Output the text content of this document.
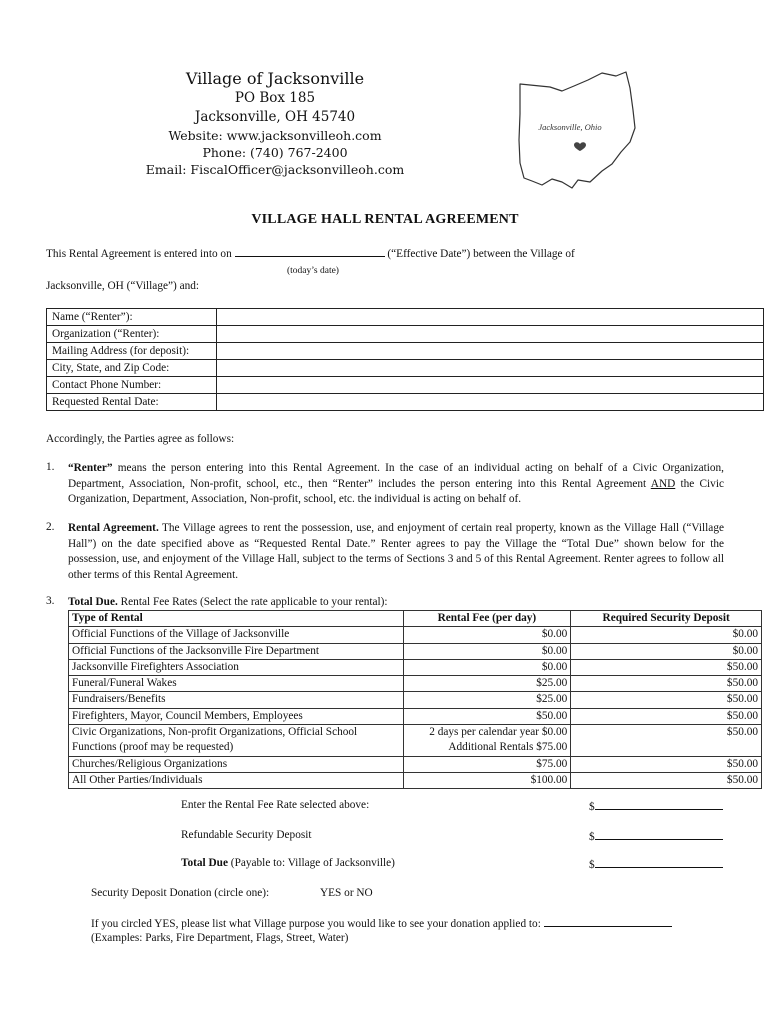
Village of Jacksonville
PO Box 185
Jacksonville, OH 45740
Website: www.jacksonvilleoh.com
Phone: (740) 767-2400
Email: FiscalOfficer@jacksonvilleoh.com
Jacksonville, Ohio
VILLAGE HALL RENTAL AGREEMENT
This Rental Agreement is entered into on	(“Effective Date”) between the Village of
(today’s date)
Jacksonville, OH (“Village”) and:
Name (“Renter”):	
Organization (“Renter):	
Mailing Address (for deposit):	
City, State, and Zip Code:	
Contact Phone Number:	
Requested Rental Date:	
Accordingly, the Parties agree as follows:
1. “Renter” means the person entering into this Rental Agreement. In the case of an individual acting on behalf of a Civic Organization, Department, Association, Non-profit, school, etc., then “Renter” includes the person entering into this Rental Agreement AND the Civic Organization, Department, Association, Non-profit, school, etc. the individual is acting on behalf of.
2. Rental Agreement. The Village agrees to rent the possession, use, and enjoyment of certain real property, known as the Village Hall (“Village Hall”) on the date specified above as “Requested Rental Date.” Renter agrees to pay the Village the “Total Due” shown below for the possession, use, and enjoyment of the Village Hall, subject to the terms of Sections 3 and 5 of this Rental Agreement. Renter agrees to follow all other terms of this Rental Agreement.
3. Total Due. Rental Fee Rates (Select the rate applicable to your rental):
Type of Rental	Rental Fee (per day)	Required Security Deposit
Official Functions of the Village of Jacksonville	$0.00	$0.00
Official Functions of the Jacksonville Fire Department	$0.00	$0.00
Jacksonville Firefighters Association	$0.00	$50.00
Funeral/Funeral Wakes	$25.00	$50.00
Fundraisers/Benefits	$25.00	$50.00
Firefighters, Mayor, Council Members, Employees	$50.00	$50.00
Civic Organizations, Non-profit Organizations, Official School	2 days per calendar year $0.00	$50.00
Functions (proof may be requested)	Additional Rentals $75.00	
Churches/Religious Organizations	$75.00	$50.00
All Other Parties/Individuals	$100.00	$50.00
Enter the Rental Fee Rate selected above:	$
Refundable Security Deposit	$
Total Due (Payable to: Village of Jacksonville)	$
Security Deposit Donation (circle one):	YES or NO
If you circled YES, please list what Village purpose you would like to see your donation applied to:
(Examples: Parks, Fire Department, Flags, Street, Water)
